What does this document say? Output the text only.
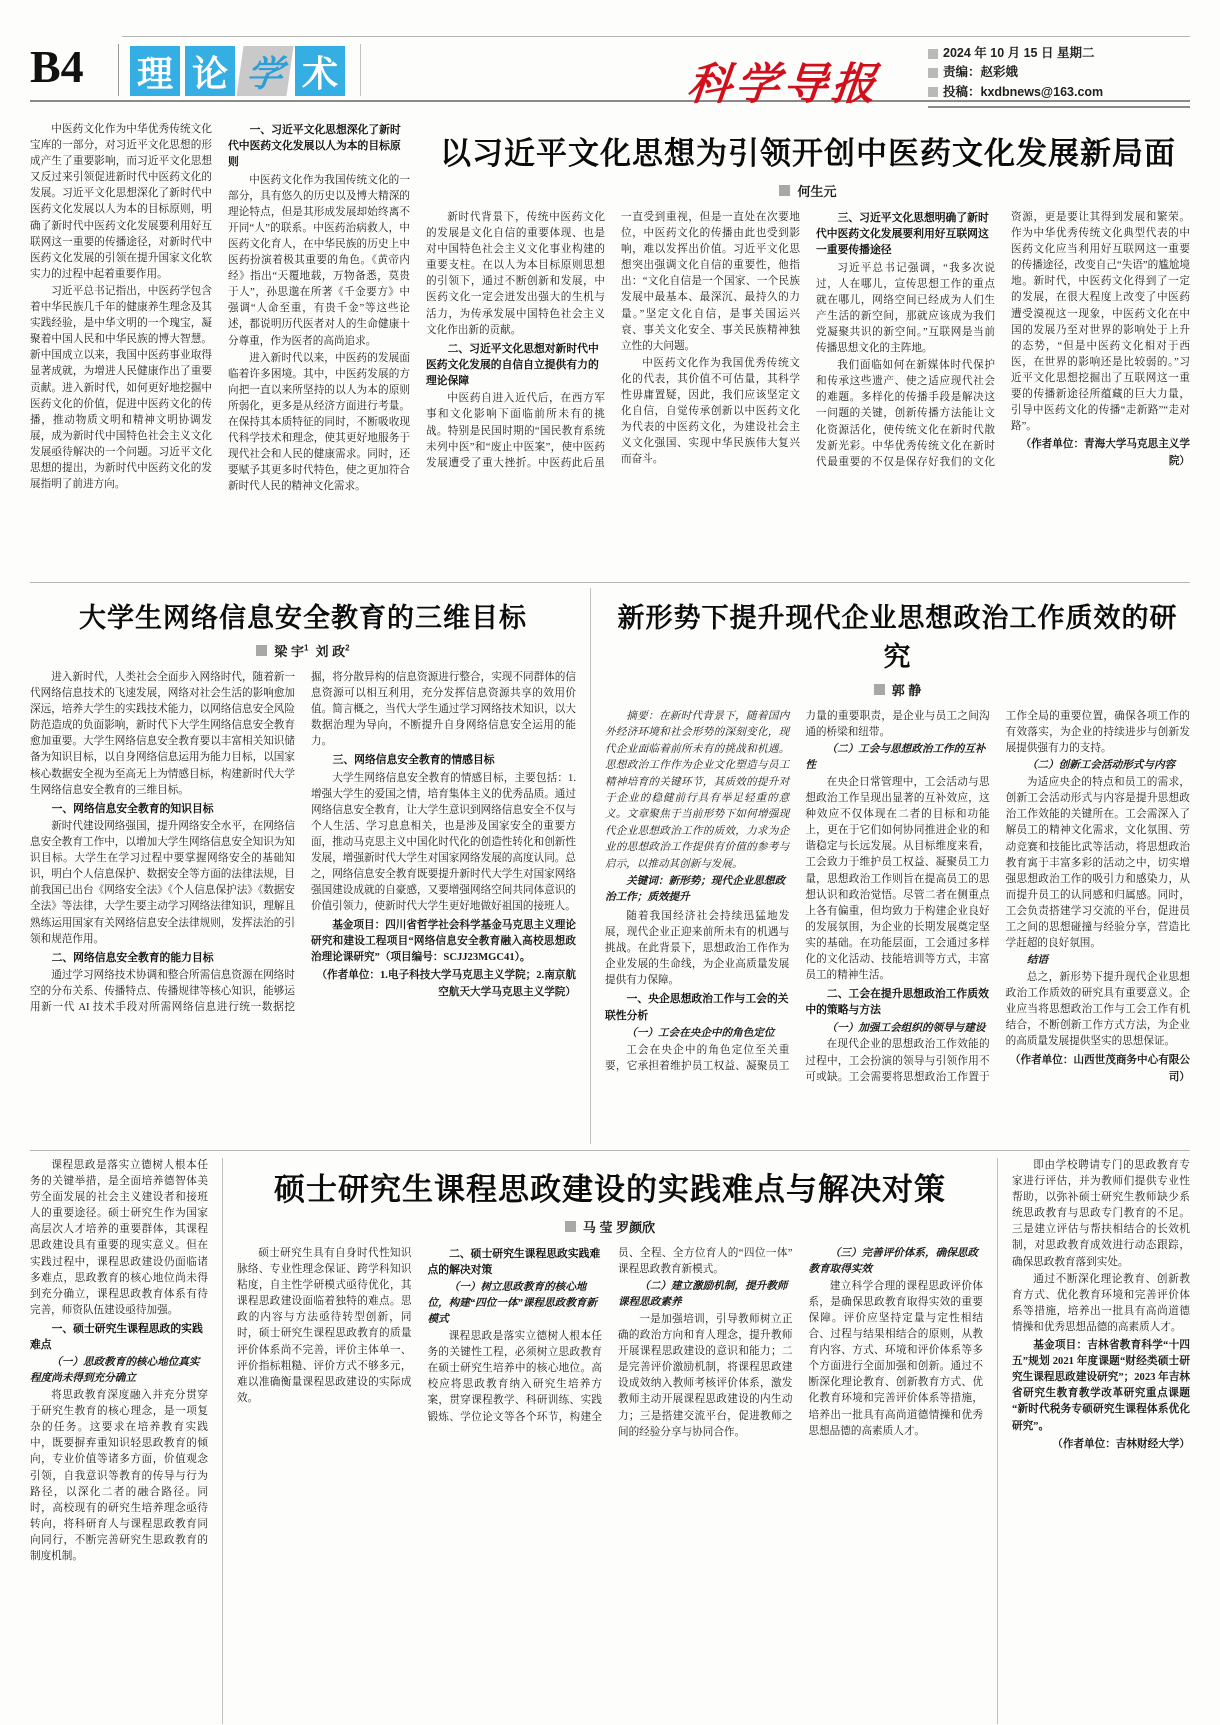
B4 理 论 学 术	科学导报
2024 年 10 月 15 日 星期二
责编：赵彩娥
投稿：kxdbnews@163.com

中医药文化作为中华优秀传统文化宝库的一部分，对习近平文化思想的形成产生了重要影响，而习近平文化思想又反过来引领促进新时代中医药文化的发展。习近平文化思想深化了新时代中医药文化发展以人为本的目标原则，明确了新时代中医药文化发展要利用好互联网这一重要的传播途径，对新时代中医药文化发展的引领在提升国家文化软实力的过程中起着重要作用。

习近平总书记指出，中医药学包含着中华民族几千年的健康养生理念及其实践经验，是中华文明的一个瑰宝，凝聚着中国人民和中华民族的博大智慧。新中国成立以来，我国中医药事业取得显著成就，为增进人民健康作出了重要贡献。进入新时代，如何更好地挖掘中医药文化的价值，促进中医药文化的传播，推动物质文明和精神文明协调发展，成为新时代中国特色社会主义文化发展亟待解决的一个问题。习近平文化思想的提出，为新时代中医药文化的发展指明了前进方向。

一、习近平文化思想深化了新时代中医药文化发展以人为本的目标原则

中医药文化作为我国传统文化的一部分，具有悠久的历史以及博大精深的理论特点，但是其形成发展却始终离不开同“人”的联系。中医药治病救人，中医药文化育人，在中华民族的历史上中医药扮演着极其重要的角色。《黄帝内经》指出“天覆地载，万物备悉，莫贵于人”，孙思邈在所著《千金要方》中强调“人命至重，有贵千金”等这些论述，都说明历代医者对人的生命健康十分尊重，作为医者的高尚追求。

进入新时代以来，中医药的发展面临着许多困境。其中，中医药发展的方向把一直以来所坚持的以人为本的原则所弱化，更多是从经济方面进行考量。在保持其本质特征的同时，不断吸收现代科学技术和理念，使其更好地服务于现代社会和人民的健康需求。同时，还要赋予其更多时代特色，使之更加符合新时代人民的精神文化需求。

以习近平文化思想为引领开创中医药文化发展新局面
何生元

新时代背景下，传统中医药文化的发展是文化自信的重要体现、也是对中国特色社会主义文化事业构建的重要支柱。在以人为本目标原则思想的引领下，通过不断创新和发展，中医药文化一定会迸发出强大的生机与活力，为传承发展中国特色社会主义文化作出新的贡献。

二、习近平文化思想对新时代中医药文化发展的自信自立提供有力的理论保障

中医药自进入近代后，在西方军事和文化影响下面临前所未有的挑战。特别是民国时期的“国民教育系统未列中医”和“废止中医案”，使中医药发展遭受了重大挫折。中医药此后虽一直受到重视，但是一直处在次要地位，中医药文化的传播由此也受到影响，难以发挥出价值。习近平文化思想突出强调文化自信的重要性，他指出：“文化自信是一个国家、一个民族发展中最基本、最深沉、最持久的力量。”坚定文化自信，是事关国运兴衰、事关文化安全、事关民族精神独立性的大问题。

中医药文化作为我国优秀传统文化的代表，其价值不可估量，其科学性毋庸置疑，因此，我们应该坚定文化自信，自觉传承创新以中医药文化为代表的中医药文化，为建设社会主义文化强国、实现中华民族伟大复兴而奋斗。

三、习近平文化思想明确了新时代中医药文化发展要利用好互联网这一重要传播途径

习近平总书记强调，“我多次说过，人在哪儿，宣传思想工作的重点就在哪儿，网络空间已经成为人们生产生活的新空间，那就应该成为我们党凝聚共识的新空间。”互联网是当前传播思想文化的主阵地。

我们面临如何在新媒体时代保护和传承这些遗产、使之适应现代社会的难题。多样化的传播手段是解决这一问题的关键，创新传播方法能让文化资源活化，使传统文化在新时代散发新光彩。中华优秀传统文化在新时代最重要的不仅是保存好我们的文化资源，更是要让其得到发展和繁荣。作为中华优秀传统文化典型代表的中医药文化应当利用好互联网这一重要的传播途径，改变自己“失语”的尴尬境地。新时代，中医药文化得到了一定的发展，在很大程度上改变了中医药遭受漠视这一现象，中医药文化在中国的发展乃至对世界的影响处于上升的态势，“但是中医药文化相对于西医，在世界的影响还是比较弱的。”习近平文化思想挖掘出了互联网这一重要的传播新途径所蕴藏的巨大力量，引导中医药文化的传播“走新路”“走对路”。

（作者单位：青海大学马克思主义学院）

大学生网络信息安全教育的三维目标
梁 宇$^1$ 刘 政$^2$

进入新时代，人类社会全面步入网络时代，随着新一代网络信息技术的飞速发展，网络对社会生活的影响愈加深远，培养大学生的实践技术能力，以网络信息安全风险防范造成的负面影响，新时代下大学生网络信息安全教育愈加重要。大学生网络信息安全教育要以丰富相关知识储备为知识目标，以自身网络信息运用为能力目标，以国家核心数据安全视为至高无上为情感目标，构建新时代大学生网络信息安全教育的三维目标。

一、网络信息安全教育的知识目标

新时代建设网络强国，提升网络安全水平，在网络信息安全教育工作中，以增加大学生网络信息安全知识为知识目标。大学生在学习过程中要掌握网络安全的基础知识，明白个人信息保护、数据安全等方面的法律法规，目前我国已出台《网络安全法》《个人信息保护法》《数据安全法》等法律，大学生要主动学习网络法律知识，理解且熟练运用国家有关网络信息安全法律规则，发挥法治的引领和规范作用。

二、网络信息安全教育的能力目标

通过学习网络技术协调和整合所需信息资源在网络时空的分布关系、传播特点、传播规律等核心知识，能够运用新一代 AI 技术手段对所需网络信息进行统一数据挖掘，将分散异构的信息资源进行整合，实现不同群体的信息资源可以相互利用，充分发挥信息资源共享的效用价值。简言概之，当代大学生通过学习网络技术知识，以大数据治理为导向，不断提升自身网络信息安全运用的能力。

三、网络信息安全教育的情感目标

大学生网络信息安全教育的情感目标，主要包括：1.增强大学生的爱国之情，培育集体主义的优秀品质。通过网络信息安全教育，让大学生意识到网络信息安全不仅与个人生活、学习息息相关，也是涉及国家安全的重要方面，推动马克思主义中国化时代化的创造性转化和创新性发展，增强新时代大学生对国家网络发展的高度认同。总之，网络信息安全教育既要提升新时代大学生对国家网络强国建设成就的自豪感，又要增强网络空间共同体意识的价值引领力，使新时代大学生更好地做好祖国的接班人。

基金项目：四川省哲学社会科学基金马克思主义理论研究和建设工程项目“网络信息安全教育融入高校思想政治理论课研究”（项目编号：SCJJ23MGC41）。

（作者单位：1.电子科技大学马克思主义学院；2.南京航空航天大学马克思主义学院）

新形势下提升现代企业思想政治工作质效的研究
郭 静

摘要：在新时代背景下，随着国内外经济环境和社会形势的深刻变化，现代企业面临着前所未有的挑战和机遇。思想政治工作作为企业文化塑造与员工精神培育的关键环节，其质效的提升对于企业的稳健前行具有举足轻重的意义。文章聚焦于当前形势下如何增强现代企业思想政治工作的质效，力求为企业的思想政治工作提供有价值的参考与启示，以推动其创新与发展。

关键词：新形势；现代企业思想政治工作；质效提升

随着我国经济社会持续迅猛地发展，现代企业正迎来前所未有的机遇与挑战。在此背景下，思想政治工作作为企业发展的生命线，为企业高质量发展提供有力保障。

一、央企思想政治工作与工会的关联性分析

（一）工会在央企中的角色定位

工会在央企中的角色定位至关重要，它承担着维护员工权益、凝聚员工力量的重要职责，是企业与员工之间沟通的桥梁和纽带。

（二）工会与思想政治工作的互补性

在央企日常管理中，工会活动与思想政治工作呈现出显著的互补效应，这种效应不仅体现在二者的目标和功能上，更在于它们如何协同推进企业的和谐稳定与长远发展。从目标维度来看，工会致力于维护员工权益、凝聚员工力量，思想政治工作则旨在提高员工的思想认识和政治觉悟。尽管二者在侧重点上各有偏重，但均致力于构建企业良好的发展氛围，为企业的长期发展奠定坚实的基础。在功能层面，工会通过多样化的文化活动、技能培训等方式，丰富员工的精神生活。

二、工会在提升思想政治工作质效中的策略与方法

（一）加强工会组织的领导与建设

在现代企业的思想政治工作效能的过程中，工会扮演的领导与引领作用不可或缺。工会需要将思想政治工作置于工作全局的重要位置，确保各项工作的有效落实，为企业的持续进步与创新发展提供强有力的支持。

（二）创新工会活动形式与内容

为适应央企的特点和员工的需求，创新工会活动形式与内容是提升思想政治工作效能的关键所在。工会需深入了解员工的精神文化需求，文化氛围、劳动竞赛和技能比武等活动，将思想政治教育寓于丰富多彩的活动之中，切实增强思想政治工作的吸引力和感染力，从而提升员工的认同感和归属感。同时，工会负责搭建学习交流的平台，促进员工之间的思想碰撞与经验分享，营造比学赶超的良好氛围。

结语

总之，新形势下提升现代企业思想政治工作质效的研究具有重要意义。企业应当将思想政治工作与工会工作有机结合，不断创新工作方式方法，为企业的高质量发展提供坚实的思想保证。

（作者单位：山西世茂商务中心有限公司）

课程思政是落实立德树人根本任务的关键举措，是全面培养德智体美劳全面发展的社会主义建设者和接班人的重要途径。硕士研究生作为国家高层次人才培养的重要群体，其课程思政建设具有重要的现实意义。但在实践过程中，课程思政建设仍面临诸多难点，思政教育的核心地位尚未得到充分确立，课程思政教育体系有待完善，师资队伍建设亟待加强。

一、硕士研究生课程思政的实践难点

（一）思政教育的核心地位真实程度尚未得到充分确立

将思政教育深度融入并充分贯穿于研究生教育的核心理念，是一项复杂的任务。这要求在培养教育实践中，既要摒弃重知识轻思政教育的倾向，专业价值等诸多方面，价值观念引领，自我意识等教育的传导与行为路径，以深化二者的融合路径。同时，高校现有的研究生培养理念亟待转向，将科研育人与课程思政教育同向同行，不断完善研究生思政教育的制度机制。

硕士研究生课程思政建设的实践难点与解决对策
马 莹 罗颜欣

硕士研究生具有自身时代性知识脉络、专业性理念保证、跨学科知识粘度，自主性学研模式亟待优化，其课程思政建设面临着独特的难点。思政的内容与方法亟待转型创新，同时，硕士研究生课程思政教育的质量评价体系尚不完善，评价主体单一、评价指标粗糙、评价方式不够多元，难以准确衡量课程思政建设的实际成效。

二、硕士研究生课程思政实践难点的解决对策

（一）树立思政教育的核心地位，构建“四位一体”课程思政教育新模式

课程思政是落实立德树人根本任务的关键性工程，必须树立思政教育在硕士研究生培养中的核心地位。高校应将思政教育纳入研究生培养方案，贯穿课程教学、科研训练、实践锻炼、学位论文等各个环节，构建全员、全程、全方位育人的“四位一体”课程思政教育新模式。

（二）建立激励机制，提升教师课程思政素养

一是加强培训，引导教师树立正确的政治方向和育人理念，提升教师开展课程思政建设的意识和能力；二是完善评价激励机制，将课程思政建设成效纳入教师考核评价体系，激发教师主动开展课程思政建设的内生动力；三是搭建交流平台，促进教师之间的经验分享与协同合作。

（三）完善评价体系，确保思政教育取得实效

建立科学合理的课程思政评价体系，是确保思政教育取得实效的重要保障。评价应坚持定量与定性相结合、过程与结果相结合的原则，从教育内容、方式、环境和评价体系等多个方面进行全面加强和创新。通过不断深化理论教育、创新教育方式、优化教育环境和完善评价体系等措施，培养出一批具有高尚道德情操和优秀思想品德的高素质人才。

即由学校聘请专门的思政教育专家进行评估，并为教师们提供专业性帮助，以弥补硕士研究生教师缺少系统思政教育与思政专门教育的不足。三是建立评估与帮扶相结合的长效机制，对思政教育成效进行动态跟踪，确保思政教育落到实处。

通过不断深化理论教育、创新教育方式、优化教育环境和完善评价体系等措施，培养出一批具有高尚道德情操和优秀思想品德的高素质人才。

基金项目：吉林省教育科学“十四五”规划 2021 年度课题“财经类硕士研究生课程思政建设研究”；2023 年吉林省研究生教育教学改革研究重点课题“新时代税务专硕研究生课程体系优化研究”。

（作者单位：吉林财经大学）
